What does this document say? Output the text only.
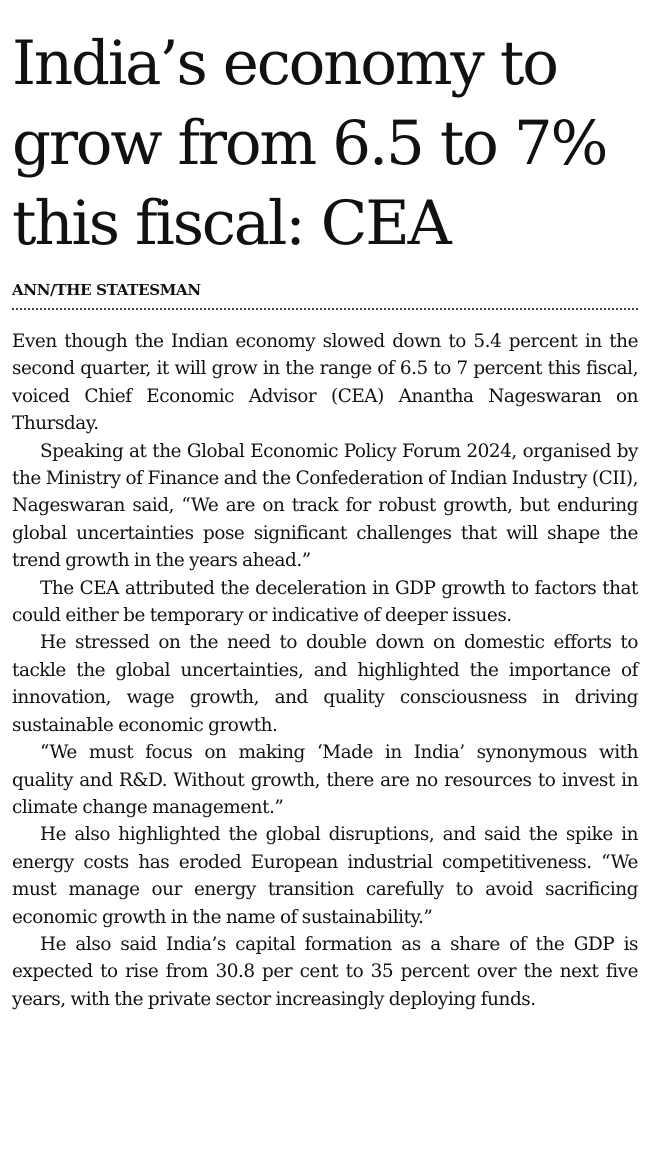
India’s economy to grow from 6.5 to 7% this fiscal: CEA
ANN/THE STATESMAN

Even though the Indian economy slowed down to 5.4 percent in the second quarter, it will grow in the range of 6.5 to 7 percent this fiscal, voiced Chief Economic Advisor (CEA) Anantha Nageswaran on Thursday.

Speaking at the Global Economic Policy Forum 2024, organised by the Ministry of Finance and the Confederation of Indian Industry (CII), Nageswaran said, “We are on track for robust growth, but enduring global uncertainties pose significant challenges that will shape the trend growth in the years ahead.”

The CEA attributed the deceleration in GDP growth to factors that could either be temporary or indicative of deeper issues.

He stressed on the need to double down on domestic efforts to tackle the global uncertainties, and highlighted the importance of innovation, wage growth, and quality consciousness in driving sustainable economic growth.

“We must focus on making ‘Made in India’ synonymous with quality and R&D. Without growth, there are no resources to invest in climate change management.”

He also highlighted the global disruptions, and said the spike in energy costs has eroded European industrial competitiveness. “We must manage our energy transition carefully to avoid sacrificing economic growth in the name of sustainability.”

He also said India’s capital formation as a share of the GDP is expected to rise from 30.8 per cent to 35 percent over the next five years, with the private sector increasingly deploying funds.
